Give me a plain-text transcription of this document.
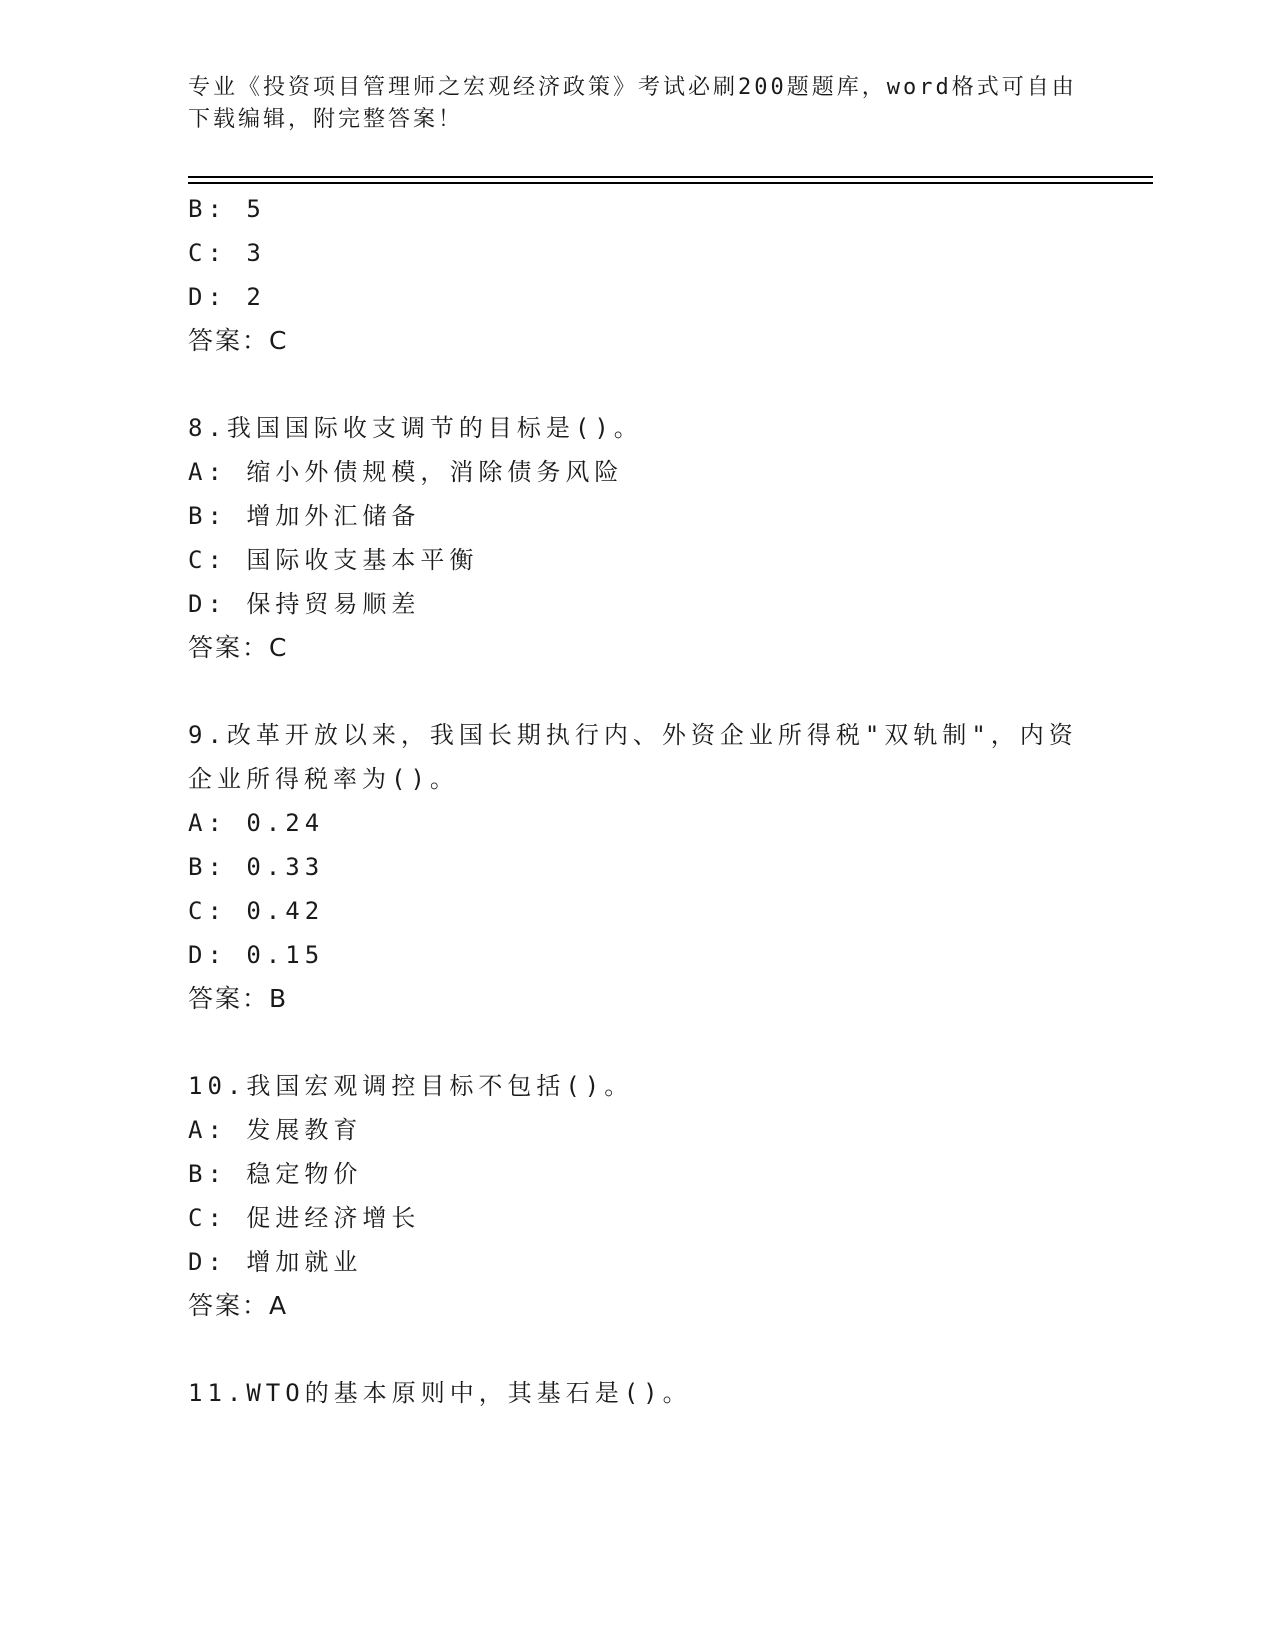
专业《投资项目管理师之宏观经济政策》考试必刷200题题库，word格式可自由
下载编辑，附完整答案！
B: 5
C: 3
D: 2
答案：C
8.我国国际收支调节的目标是()。
A: 缩小外债规模，消除债务风险
B: 增加外汇储备
C: 国际收支基本平衡
D: 保持贸易顺差
答案：C
9.改革开放以来，我国长期执行内、外资企业所得税"双轨制"，内资
企业所得税率为()。
A: 0.24
B: 0.33
C: 0.42
D: 0.15
答案：B
10.我国宏观调控目标不包括()。
A: 发展教育
B: 稳定物价
C: 促进经济增长
D: 增加就业
答案：A
11.WTO的基本原则中，其基石是()。
